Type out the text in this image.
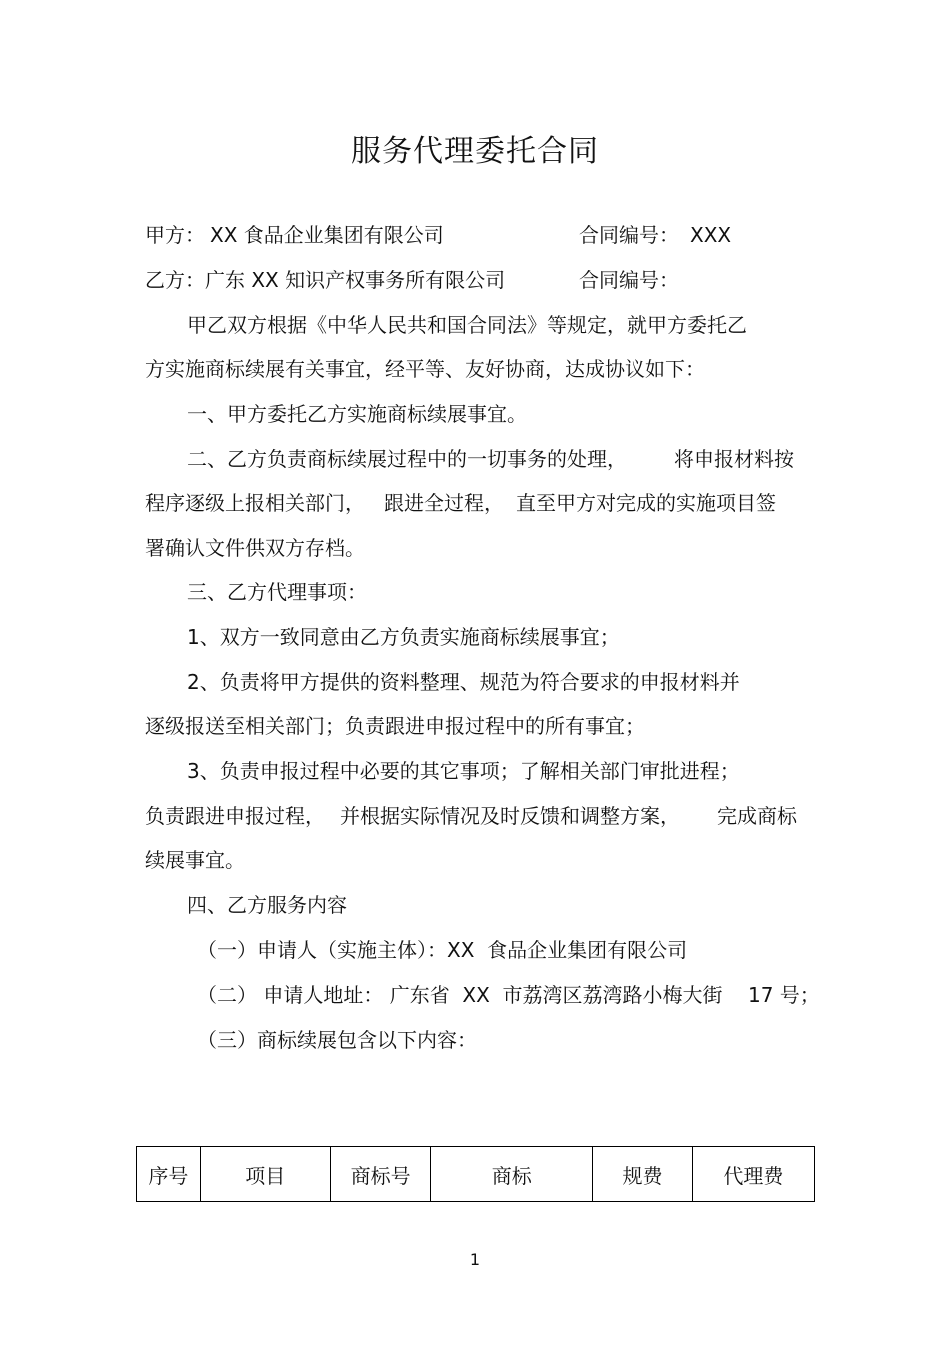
服务代理委托合同
甲方： XX 食品企业集团有限公司	合同编号： XXX
乙方： 广东 XX 知识产权事务所有限公司	合同编号：
甲乙双方根据《中华人民共和国合同法》等规定，就甲方委托乙
方实施商标续展有关事宜，经平等、友好协商，达成协议如下：
一、甲方委托乙方实施商标续展事宜。
二、乙方负责商标续展过程中的一切事务的处理， 将申报材料按
程序逐级上报相关部门， 跟进全过程， 直至甲方对完成的实施项目签
署确认文件供双方存档。
三、乙方代理事项：
1、双方一致同意由乙方负责实施商标续展事宜；
2、负责将甲方提供的资料整理、规范为符合要求的申报材料并
逐级报送至相关部门；负责跟进申报过程中的所有事宜；
3、负责申报过程中必要的其它事项；了解相关部门审批进程；
负责跟进申报过程， 并根据实际情况及时反馈和调整方案， 完成商标
续展事宜。
四、乙方服务内容
（一）申请人（实施主体）：XX  食品企业集团有限公司
（二） 申请人地址： 广东省  XX  市荔湾区荔湾路小梅大街    17 号；
（三）商标续展包含以下内容：
序号	项目	商标号	商标	规费	代理费
1
